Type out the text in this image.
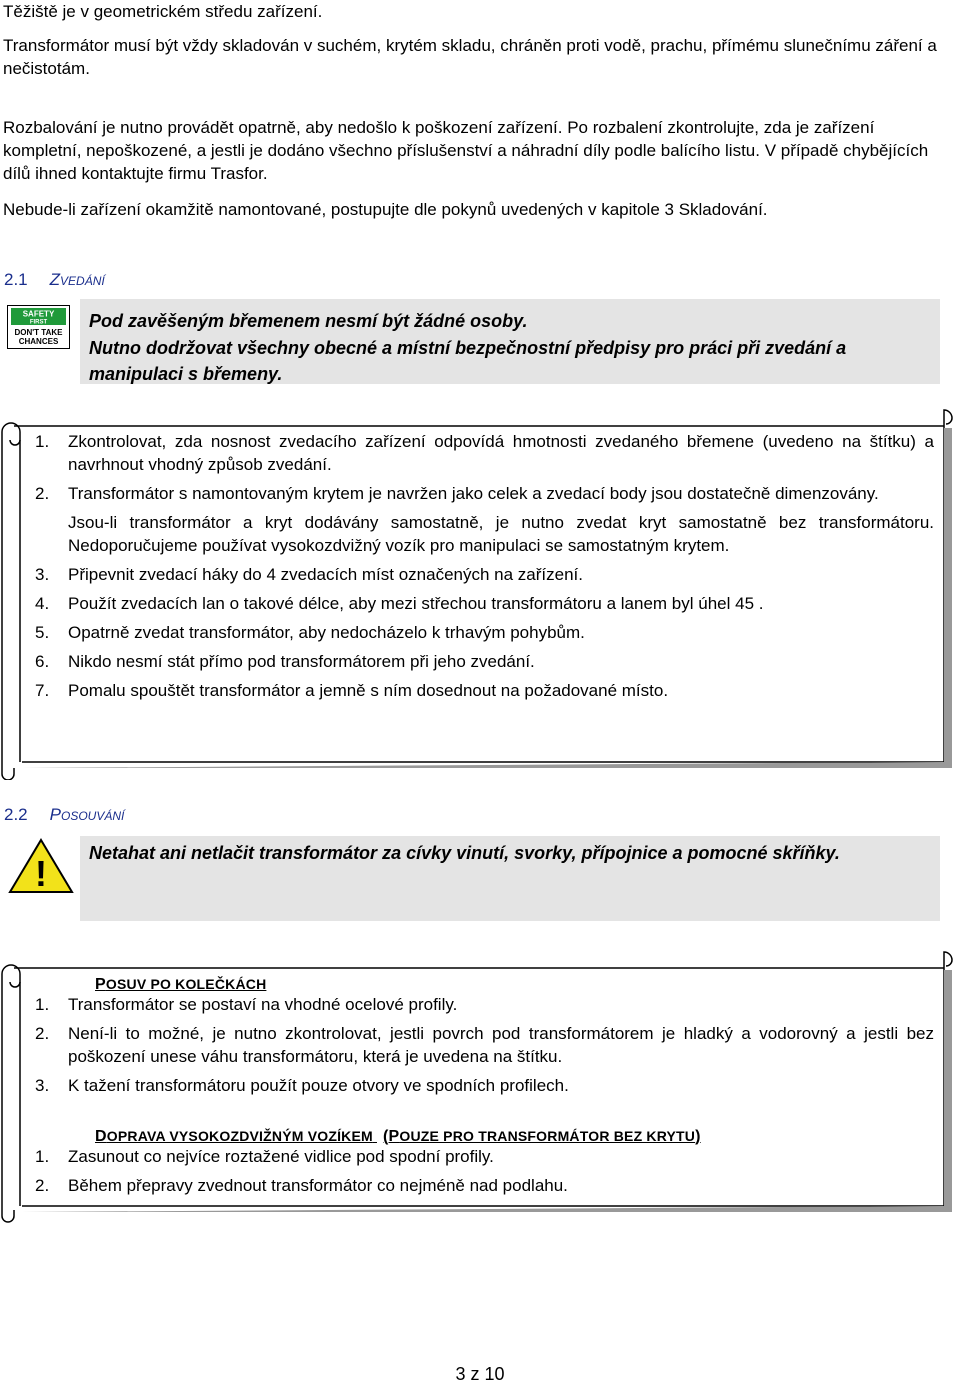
Těžiště je v geometrickém středu zařízení.

Transformátor musí být vždy skladován v suchém, krytém skladu, chráněn proti vodě, prachu, přímému slunečnímu záření a nečistotám.

Rozbalování je nutno provádět opatrně, aby nedošlo k poškození zařízení. Po rozbalení zkontrolujte, zda je zařízení kompletní, nepoškozené, a jestli je dodáno všechno příslušenství a náhradní díly podle balícího listu. V případě chybějících dílů ihned kontaktujte firmu Trasfor.

Nebude-li zařízení okamžitě namontované, postupujte dle pokynů uvedených v kapitole 3 Skladování.

2.1 ZVEDÁNÍ
SAFETY
FIRST
DON'T TAKE
CHANCES

Pod zavěšeným břemenem nesmí být žádné osoby.

Nutno dodržovat všechny obecné a místní bezpečnostní předpisy pro práci při zvedání a manipulaci s břemeny.

1. Zkontrolovat, zda nosnost zvedacího zařízení odpovídá hmotnosti zvedaného břemene (uvedeno na štítku) a navrhnout vhodný způsob zvedání.
2. Transformátor s namontovaným krytem je navržen jako celek a zvedací body jsou dostatečně dimenzovány.
Jsou-li transformátor a kryt dodávány samostatně, je nutno zvedat kryt samostatně bez transformátoru. Nedoporučujeme používat vysokozdvižný vozík pro manipulaci se samostatným krytem.
3. Připevnit zvedací háky do 4 zvedacích míst označených na zařízení.
4. Použít zvedacích lan o takové délce, aby mezi střechou transformátoru a lanem byl úhel 45 .
5. Opatrně zvedat transformátor, aby nedocházelo k trhavým pohybům.
6. Nikdo nesmí stát přímo pod transformátorem při jeho zvedání.
7. Pomalu spouštět transformátor a jemně s ním dosednout na požadované místo.
2.2 POSOUVÁNÍ
! Netahat ani netlačit transformátor za cívky vinutí, svorky, přípojnice a pomocné skříňky.

POSUV PO KOLEČKÁCH
1. Transformátor se postaví na vhodné ocelové profily.
2. Není-li to možné, je nutno zkontrolovat, jestli povrch pod transformátorem je hladký a vodorovný a jestli bez poškození unese váhu transformátoru, která je uvedena na štítku.
3. K tažení transformátoru použít pouze otvory ve spodních profilech.
DOPRAVA VYSOKOZDVIŽNÝM VOZÍKEM (POUZE PRO TRANSFORMÁTOR BEZ KRYTU)
1. Zasunout co nejvíce roztažené vidlice pod spodní profily.
2. Během přepravy zvednout transformátor co nejméně nad podlahu.
3 z 10
